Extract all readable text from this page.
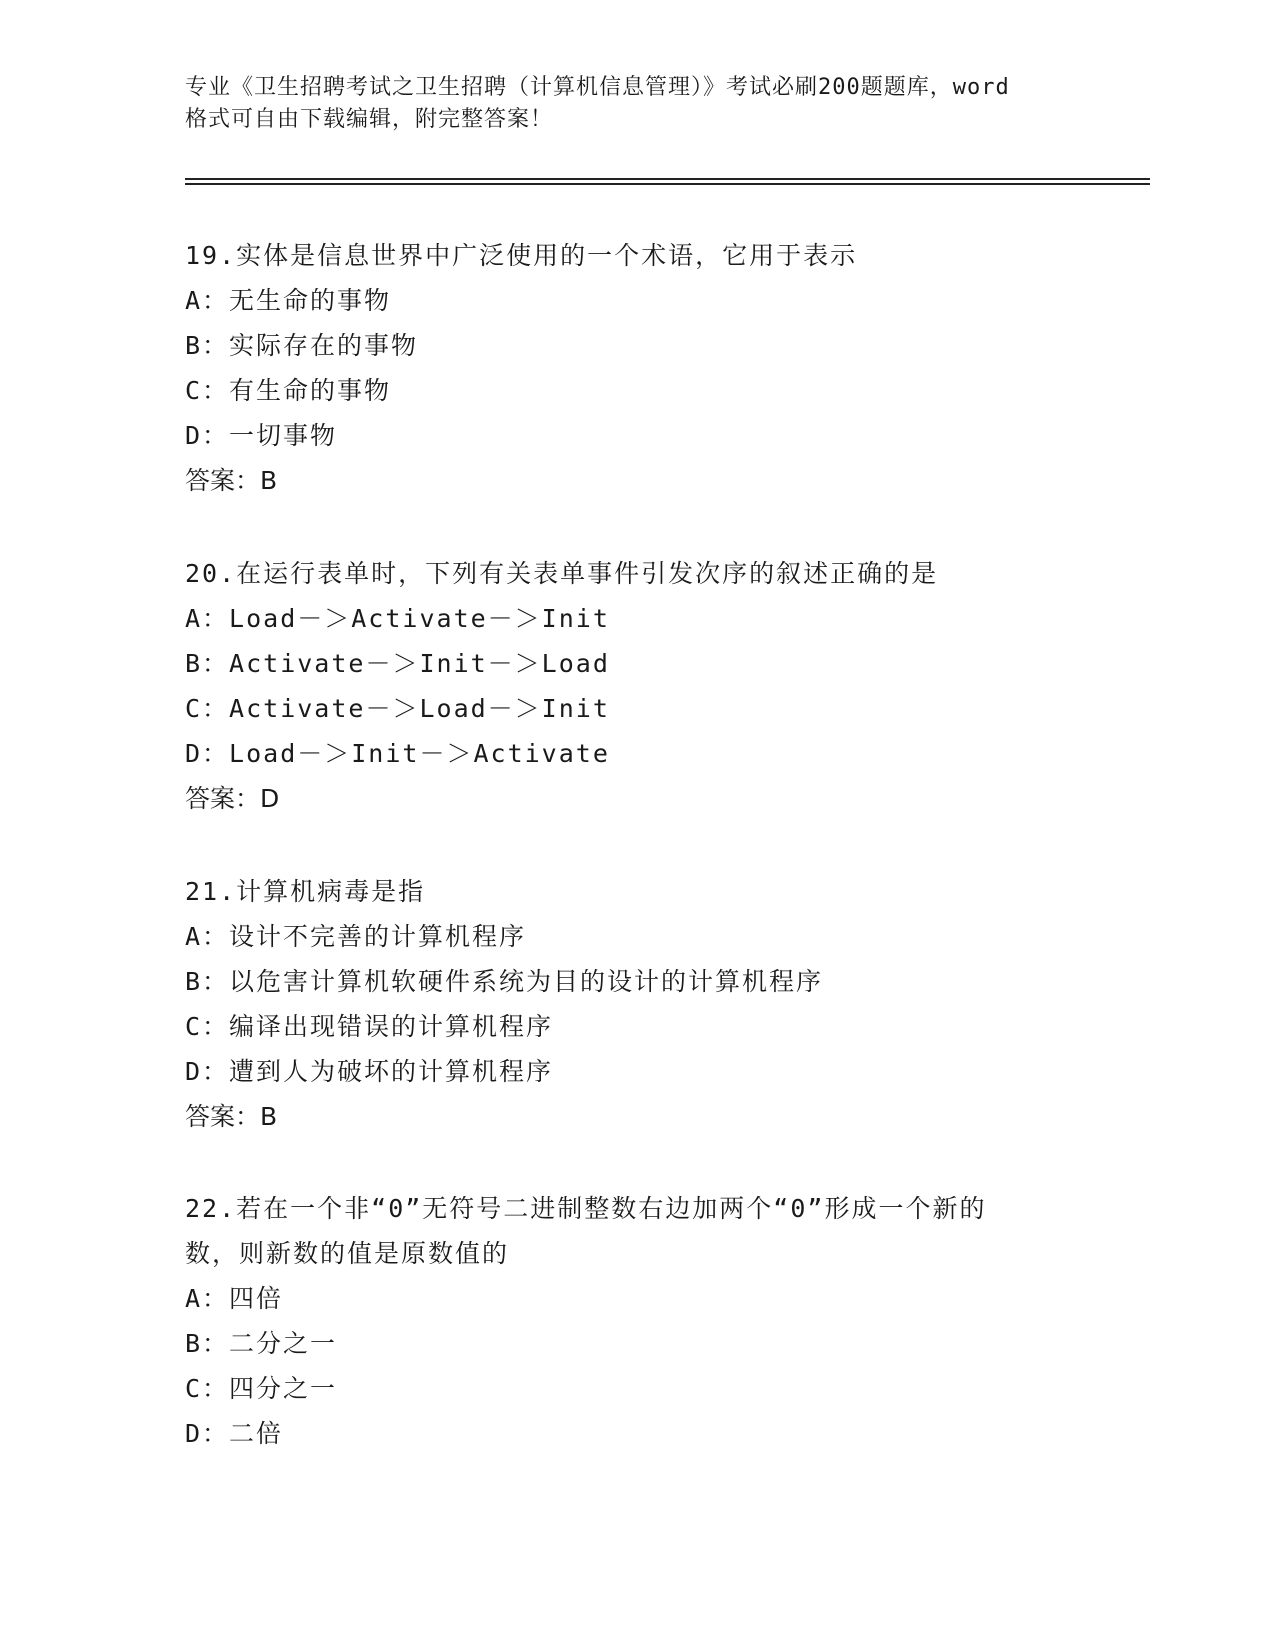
专业《卫生招聘考试之卫生招聘（计算机信息管理）》考试必刷200题题库，word
格式可自由下载编辑，附完整答案！

19.实体是信息世界中广泛使用的一个术语，它用于表示

A：无生命的事物

B：实际存在的事物

C：有生命的事物

D：一切事物

答案：B

20.在运行表单时，下列有关表单事件引发次序的叙述正确的是

A：Load－＞Activate－＞Init

B：Activate－＞Init－＞Load

C：Activate－＞Load－＞Init

D：Load－＞Init－＞Activate

答案：D

21.计算机病毒是指

A：设计不完善的计算机程序

B：以危害计算机软硬件系统为目的设计的计算机程序

C：编译出现错误的计算机程序

D：遭到人为破坏的计算机程序

答案：B

22.若在一个非“0”无符号二进制整数右边加两个“0”形成一个新的

数，则新数的值是原数值的

A：四倍

B：二分之一

C：四分之一

D：二倍
